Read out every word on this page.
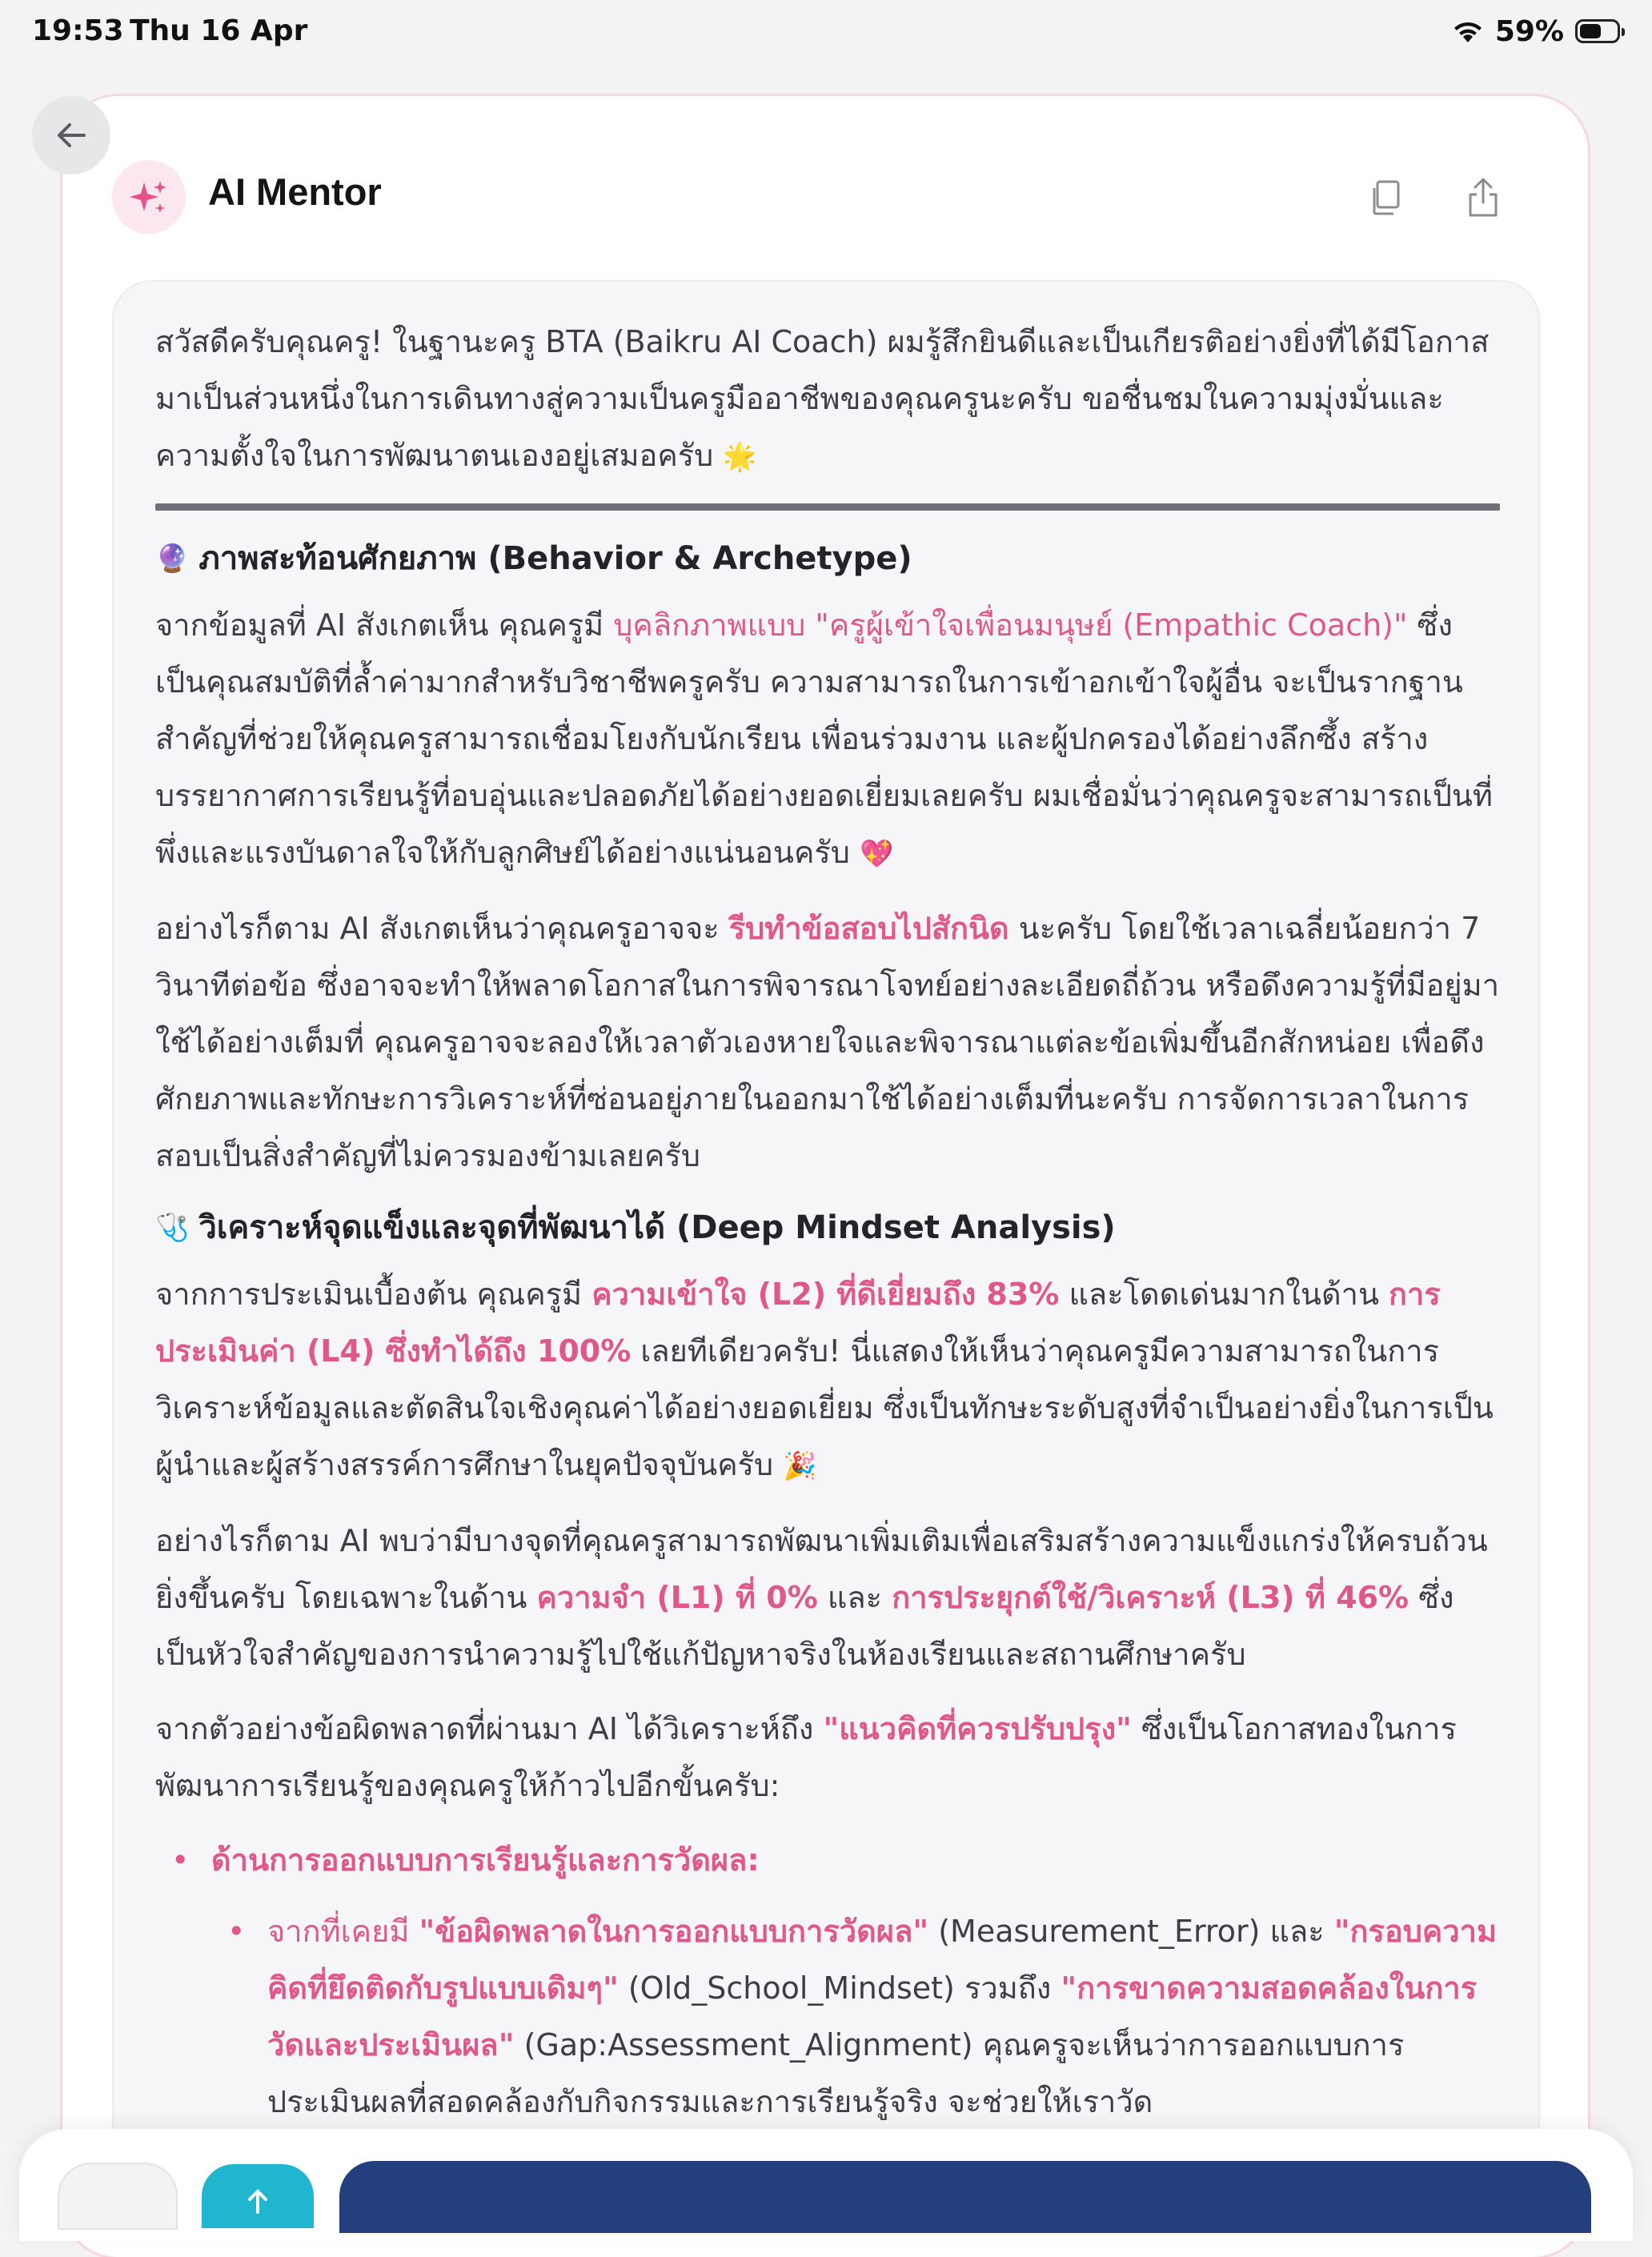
19:53 Thu 16 Apr	59%
AI Mentor

สวัสดีครับคุณครู! ในฐานะครู BTA (Baikru AI Coach) ผมรู้สึกยินดีและเป็นเกียรติอย่างยิ่งที่ได้มีโอกาสมาเป็นส่วนหนึ่งในการเดินทางสู่ความเป็นครูมืออาชีพของคุณครูนะครับ ขอชื่นชมในความมุ่งมั่นและความตั้งใจในการพัฒนาตนเองอยู่เสมอครับ 🌟

🔮 ภาพสะท้อนศักยภาพ (Behavior & Archetype)

จากข้อมูลที่ AI สังเกตเห็น คุณครูมี บุคลิกภาพแบบ "ครูผู้เข้าใจเพื่อนมนุษย์ (Empathic Coach)" ซึ่งเป็นคุณสมบัติที่ล้ำค่ามากสำหรับวิชาชีพครูครับ ความสามารถในการเข้าอกเข้าใจผู้อื่น จะเป็นรากฐานสำคัญที่ช่วยให้คุณครูสามารถเชื่อมโยงกับนักเรียน เพื่อนร่วมงาน และผู้ปกครองได้อย่างลึกซึ้ง สร้างบรรยากาศการเรียนรู้ที่อบอุ่นและปลอดภัยได้อย่างยอดเยี่ยมเลยครับ ผมเชื่อมั่นว่าคุณครูจะสามารถเป็นที่พึ่งและแรงบันดาลใจให้กับลูกศิษย์ได้อย่างแน่นอนครับ 💖

อย่างไรก็ตาม AI สังเกตเห็นว่าคุณครูอาจจะ รีบทำข้อสอบไปสักนิด นะครับ โดยใช้เวลาเฉลี่ยน้อยกว่า 7 วินาทีต่อข้อ ซึ่งอาจจะทำให้พลาดโอกาสในการพิจารณาโจทย์อย่างละเอียดถี่ถ้วน หรือดึงความรู้ที่มีอยู่มาใช้ได้อย่างเต็มที่ คุณครูอาจจะลองให้เวลาตัวเองหายใจและพิจารณาแต่ละข้อเพิ่มขึ้นอีกสักหน่อย เพื่อดึงศักยภาพและทักษะการวิเคราะห์ที่ซ่อนอยู่ภายในออกมาใช้ได้อย่างเต็มที่นะครับ การจัดการเวลาในการสอบเป็นสิ่งสำคัญที่ไม่ควรมองข้ามเลยครับ

🩺 วิเคราะห์จุดแข็งและจุดที่พัฒนาได้ (Deep Mindset Analysis)

จากการประเมินเบื้องต้น คุณครูมี ความเข้าใจ (L2) ที่ดีเยี่ยมถึง 83% และโดดเด่นมากในด้าน การประเมินค่า (L4) ซึ่งทำได้ถึง 100% เลยทีเดียวครับ! นี่แสดงให้เห็นว่าคุณครูมีความสามารถในการวิเคราะห์ข้อมูลและตัดสินใจเชิงคุณค่าได้อย่างยอดเยี่ยม ซึ่งเป็นทักษะระดับสูงที่จำเป็นอย่างยิ่งในการเป็นผู้นำและผู้สร้างสรรค์การศึกษาในยุคปัจจุบันครับ 🎉

อย่างไรก็ตาม AI พบว่ามีบางจุดที่คุณครูสามารถพัฒนาเพิ่มเติมเพื่อเสริมสร้างความแข็งแกร่งให้ครบถ้วนยิ่งขึ้นครับ โดยเฉพาะในด้าน ความจำ (L1) ที่ 0% และ การประยุกต์ใช้/วิเคราะห์ (L3) ที่ 46% ซึ่งเป็นหัวใจสำคัญของการนำความรู้ไปใช้แก้ปัญหาจริงในห้องเรียนและสถานศึกษาครับ

จากตัวอย่างข้อผิดพลาดที่ผ่านมา AI ได้วิเคราะห์ถึง "แนวคิดที่ควรปรับปรุง" ซึ่งเป็นโอกาสทองในการพัฒนาการเรียนรู้ของคุณครูให้ก้าวไปอีกขั้นครับ:

• ด้านการออกแบบการเรียนรู้และการวัดผล:
• จากที่เคยมี "ข้อผิดพลาดในการออกแบบการวัดผล" (Measurement_Error) และ "กรอบความคิดที่ยึดติดกับรูปแบบเดิมๆ" (Old_School_Mindset) รวมถึง "การขาดความสอดคล้องในการวัดและประเมินผล" (Gap:Assessment_Alignment) คุณครูจะเห็นว่าการออกแบบการประเมินผลที่สอดคล้องกับกิจกรรมและการเรียนรู้จริง จะช่วยให้เราวัด
